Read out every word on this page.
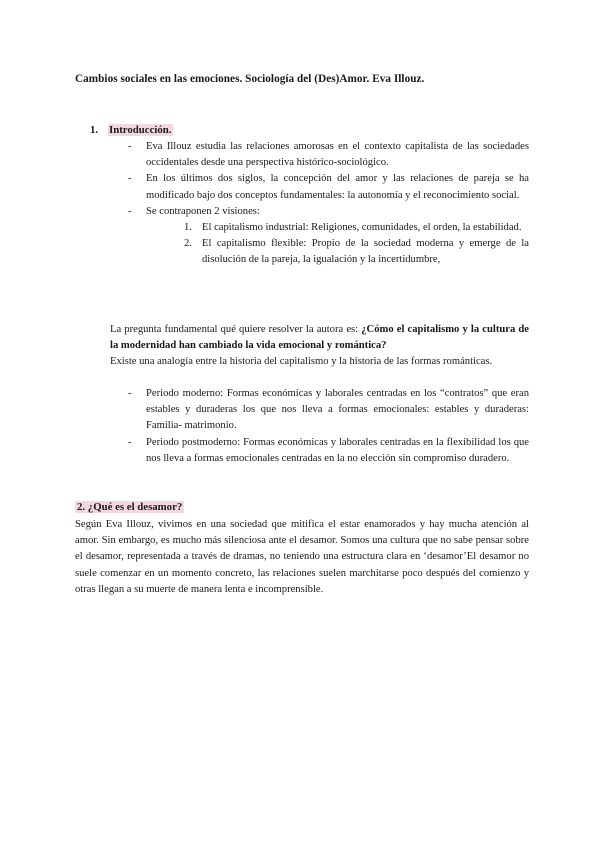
Cambios sociales en las emociones. Sociología del (Des)Amor. Eva Illouz.
1. Introducción.
- Eva Illouz estudia las relaciones amorosas en el contexto capitalista de las sociedades occidentales desde una perspectiva histórico-sociológico.
- En los últimos dos siglos, la concepción del amor y las relaciones de pareja se ha modificado bajo dos conceptos fundamentales: la autonomía y el reconocimiento social.
- Se contraponen 2 visiones:
1. El capitalismo industrial: Religiones, comunidades, el orden, la estabilidad.
2. El capitalismo flexible: Propio de la sociedad moderna y emerge de la disolución de la pareja, la igualación y la incertidumbre,
La pregunta fundamental qué quiere resolver la autora es: ¿Cómo el capitalismo y la cultura de la modernidad han cambiado la vida emocional y romántica?
Existe una analogía entre la historia del capitalismo y la historia de las formas románticas.
- Periodo moderno: Formas económicas y laborales centradas en los “contratos” que eran estables y duraderas los que nos lleva a formas emocionales: estables y duraderas: Familia- matrimonio.
- Periodo postmoderno: Formas económicas y laborales centradas en la flexibilidad los que nos lleva a formas emocionales centradas en la no elección sin compromiso duradero.
2. ¿Qué es el desamor?
Según Eva Illouz, vivimos en una sociedad que mitifica el estar enamorados y hay mucha atención al amor. Sin embargo, es mucho más silenciosa ante el desamor. Somos una cultura que no sabe pensar sobre el desamor, representada a través de dramas, no teniendo una estructura clara en ‘desamor’El desamor no suele comenzar en un momento concreto, las relaciones suelen marchitarse poco después del comienzo y otras llegan a su muerte de manera lenta e incomprensible.
